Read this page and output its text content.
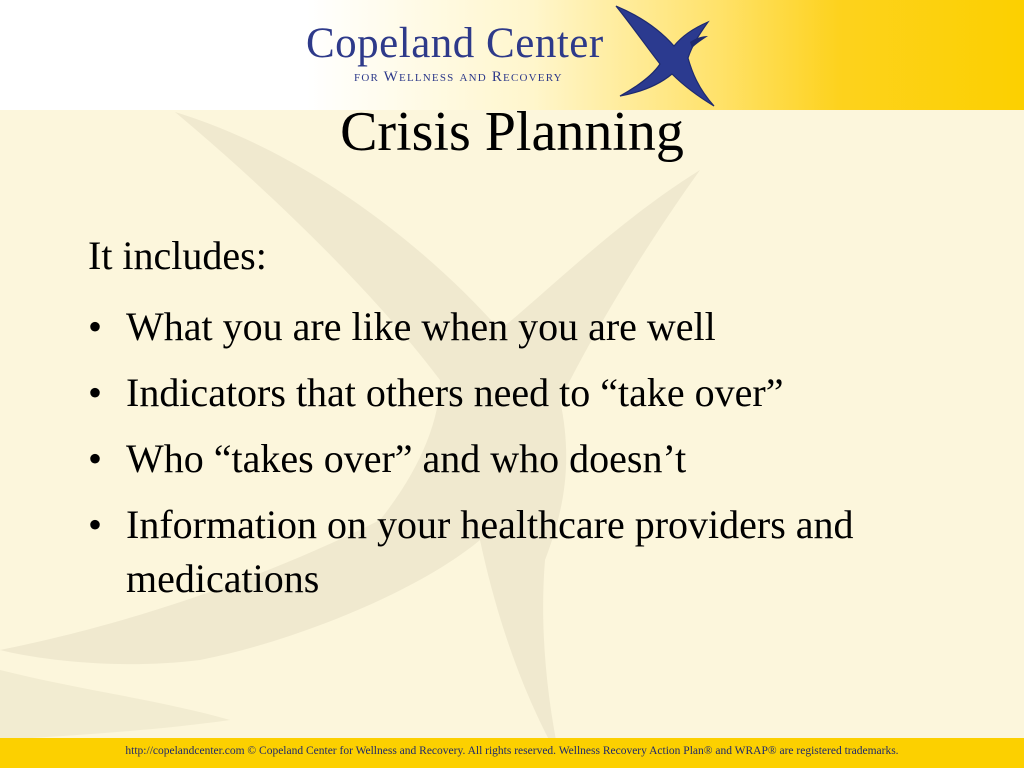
Copeland Center
for Wellness and Recovery
Crisis Planning
It includes:
• What you are like when you are well
• Indicators that others need to “take over”
• Who “takes over” and who doesn’t
• Information on your healthcare providers and medications
http://copelandcenter.com © Copeland Center for Wellness and Recovery. All rights reserved. Wellness Recovery Action Plan® and WRAP® are registered trademarks.
